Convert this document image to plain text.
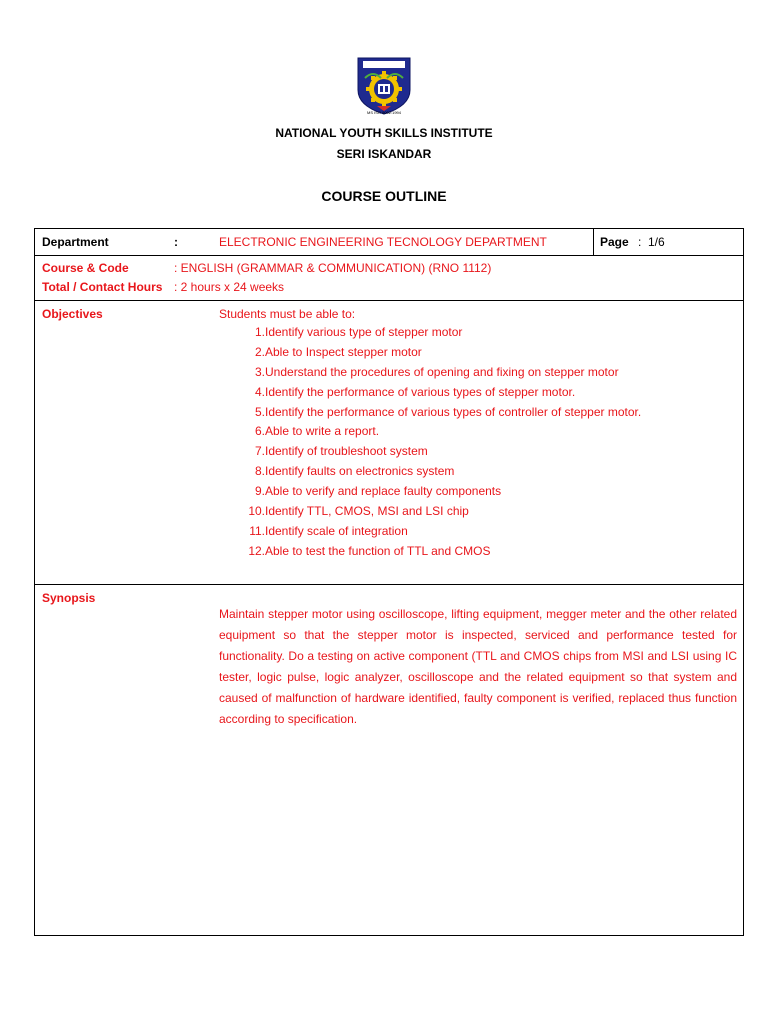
MS ISO 9002:1994
NATIONAL YOUTH SKILLS INSTITUTE
SERI ISKANDAR
COURSE OUTLINE
Department	:	ELECTRONIC ENGINEERING TECNOLOGY DEPARTMENT	Page : 1/6
Course & Code	: ENGLISH (GRAMMAR & COMMUNICATION) (RNO 1112)
Total / Contact Hours : 2 hours x 24 weeks
Objectives	Students must be able to:
1. Identify various type of stepper motor
2. Able to Inspect stepper motor
3. Understand the procedures of opening and fixing on stepper motor
4. Identify the performance of various types of stepper motor.
5. Identify the performance of various types of controller of stepper motor.
6. Able to write a report.
7. Identify of troubleshoot system
8. Identify faults on electronics system
9. Able to verify and replace faulty components
10. Identify TTL, CMOS, MSI and LSI chip
11. Identify scale of integration
12. Able to test the function of TTL and CMOS
Synopsis
Maintain stepper motor using oscilloscope, lifting equipment, megger meter and the other related equipment so that the stepper motor is inspected, serviced and performance tested for functionality. Do a testing on active component (TTL and CMOS chips from MSI and LSI using IC tester, logic pulse, logic analyzer, oscilloscope and the related equipment so that system and caused of malfunction of hardware identified, faulty component is verified, replaced thus function according to specification.
